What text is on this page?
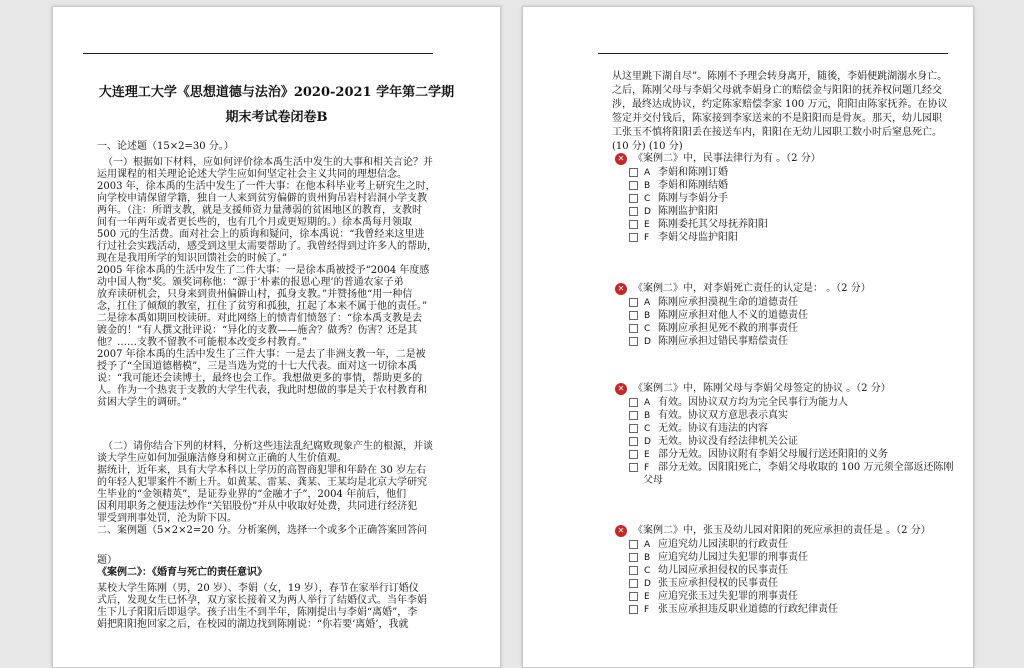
大连理工大学《思想道德与法治》2020-2021 学年第二学期
期末考试卷闭卷B
一、论述题（15×2=30 分。）
（一）根据如下材料，应如何评价徐本禹生活中发生的大事和相关言论？并
运用课程的相关理论论述大学生应如何坚定社会主义共同的理想信念。
2003 年，徐本禹的生活中发生了一件大事：在他本科毕业考上研究生之时，
向学校申请保留学籍，独自一人来到贫穷偏僻的贵州狗吊岩村岩洞小学支教
两年。（注：所谓支教，就是支援师资力量薄弱的贫困地区的教育，支教时
间有一年两年或者更长些的，也有几个月或更短期的。）徐本禹每月领取
500 元的生活费。面对社会上的质询和疑问，徐本禹说：“我曾经来这里进
行过社会实践活动，感受到这里太需要帮助了。我曾经得到过许多人的帮助，
现在是我用所学的知识回馈社会的时候了。”
2005 年徐本禹的生活中发生了二件大事：一是徐本禹被授予“2004 年度感
动中国人物”奖。颁奖词称他：“源于‘朴素的报恩心理’的普通农家子弟
放弃读研机会，只身来到贵州偏僻山村，孤身支教。”并赞扬他“用一种信
念，扛住了倾颓的教室，扛住了贫穷和孤独，扛起了本来不属于他的责任。”
二是徐本禹如期回校读研。对此网络上的愤青们愤怒了：“徐本禹支教是去
镀金的！”有人撰文批评说：“异化的支教——施舍？做秀？伤害？还是其
他？……支教不留教不可能根本改变乡村教育。”
2007 年徐本禹的生活中发生了三件大事：一是去了非洲支教一年，二是被
授予了“全国道德楷模”，三是当选为党的十七大代表。面对这一切徐本禹
说：“我可能还会读博士，最终也会工作。我想做更多的事情，帮助更多的
人。作为一个热衷于支教的大学生代表，我此时想做的事是关于农村教育和
贫困大学生的调研。”
（二）请你结合下列的材料，分析这些违法乱纪腐败现象产生的根源，并谈
谈大学生应如何加强廉洁修身和树立正确的人生价值观。
据统计，近年来，具有大学本科以上学历的高智商犯罪和年龄在 30 岁左右
的年轻人犯罪案件不断上升。如黄某、雷某、龚某、王某均是北京大学研究
生毕业的“金领精英”，是证券业界的“金融才子”，2004 年前后，他们
因利用职务之便违法炒作“关铝股份”并从中收取好处费，共同进行经济犯
罪受到刑事处罚，沦为阶下囚。
二、案例题（5×2×2=20 分。分析案例，选择一个或多个正确答案回答问
题）
《案例二》：《婚育与死亡的责任意识》
某校大学生陈刚（男，20 岁）、李娟（女，19 岁），春节在家举行订婚仪
式后，发现女生已怀孕，双方家长接着又为两人举行了结婚仪式。当年李娟
生下儿子阳阳后即退学。孩子出生不到半年，陈刚提出与李娟“离婚”，李
娟把阳阳抱回家之后，在校园的湖边找到陈刚说：“你若要‘离婚’，我就
从这里跳下湖自尽”。陈刚不予理会转身离开，随後，李娟便跳湖溺水身亡。
之后，陈刚父母与李娟父母就李娟身亡的赔偿金与阳阳的抚养权问题几经交
涉，最终达成协议，约定陈家赔偿李家 100 万元，阳阳由陈家抚养。在协议
签定并交付钱后，陈家接到李家送来的不是阳阳而是骨灰。那天，幼儿园职
工张玉不慎将阳阳丢在接送车内，阳阳在无幼儿园职工数小时后窒息死亡。
(10 分) (10 分)
✕ 《案例二》中，民事法律行为有 。（2 分）
A 李娟和陈刚订婚
B 李娟和陈刚结婚
C 陈刚与李娟分手
D 陈刚监护阳阳
E 陈刚委托其父母抚养阳阳
F 李娟父母监护阳阳
✕ 《案例二》中，对李娟死亡责任的认定是： 。（2 分）
A 陈刚应承担漠视生命的道德责任
B 陈刚应承担对他人不义的道德责任
C 陈刚应承担见死不救的刑事责任
D 陈刚应承担过错民事赔偿责任
✕ 《案例二》中，陈刚父母与李娟父母签定的协议 。（2 分）
A 有效。因协议双方均为完全民事行为能力人
B 有效。协议双方意思表示真实
C 无效。协议有违法的内容
D 无效。协议没有经法律机关公证
E 部分无效。因协议附有李娟父母履行送还阳阳的义务
F 部分无效。因阳阳死亡，李娟父母收取的 100 万元须全部返还陈刚
父母
✕ 《案例二》中，张玉及幼儿园对阳阳的死应承担的责任是 。（2 分）
A 应追究幼儿园渎职的行政责任
B 应追究幼儿园过失犯罪的刑事责任
C 幼儿园应承担侵权的民事责任
D 张玉应承担侵权的民事责任
E 应追究张玉过失犯罪的刑事责任
F 张玉应承担违反职业道德的行政纪律责任
